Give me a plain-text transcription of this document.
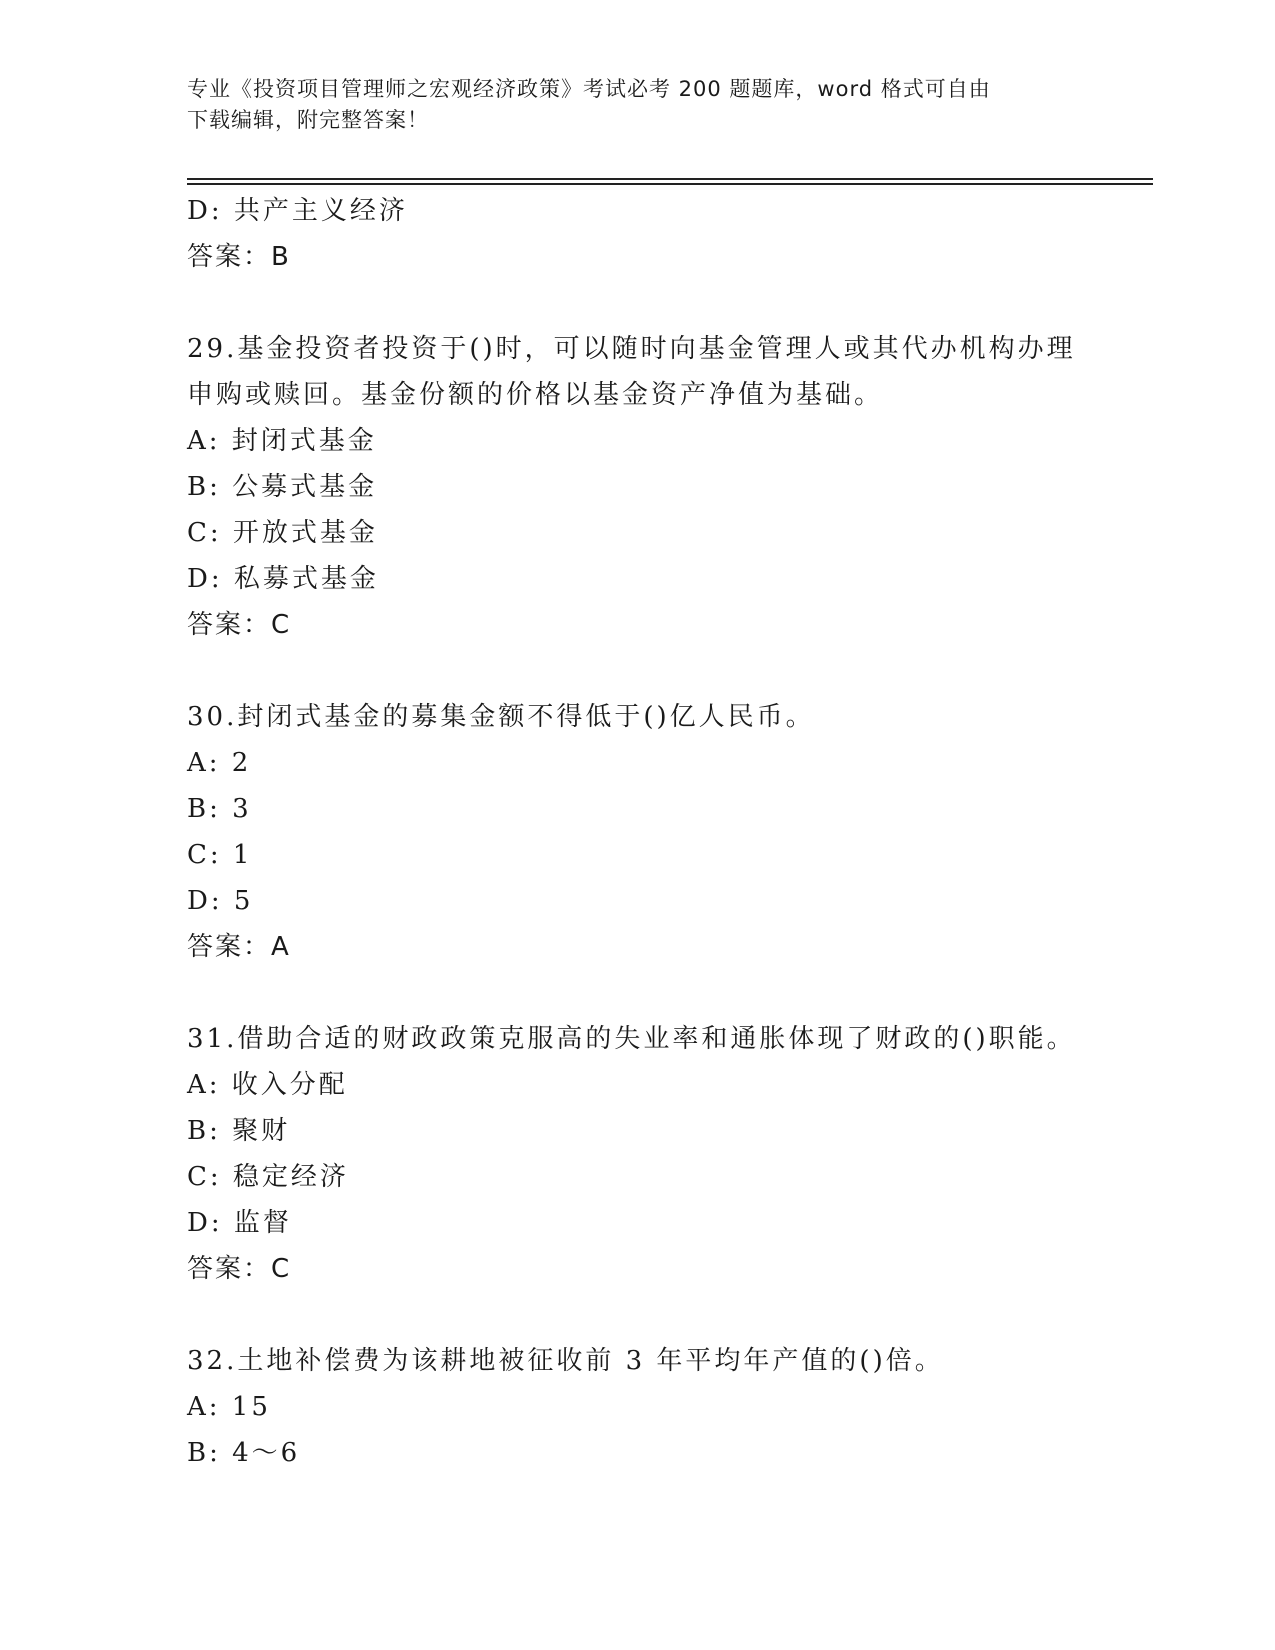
专业《投资项目管理师之宏观经济政策》考试必考 200 题题库，word 格式可自由
下载编辑，附完整答案！
D: 共产主义经济
答案：B
29.基金投资者投资于()时，可以随时向基金管理人或其代办机构办理
申购或赎回。基金份额的价格以基金资产净值为基础。
A: 封闭式基金
B: 公募式基金
C: 开放式基金
D: 私募式基金
答案：C
30.封闭式基金的募集金额不得低于()亿人民币。
A: 2
B: 3
C: 1
D: 5
答案：A
31.借助合适的财政政策克服高的失业率和通胀体现了财政的()职能。
A: 收入分配
B: 聚财
C: 稳定经济
D: 监督
答案：C
32.土地补偿费为该耕地被征收前 3 年平均年产值的()倍。
A: 15
B: 4～6
